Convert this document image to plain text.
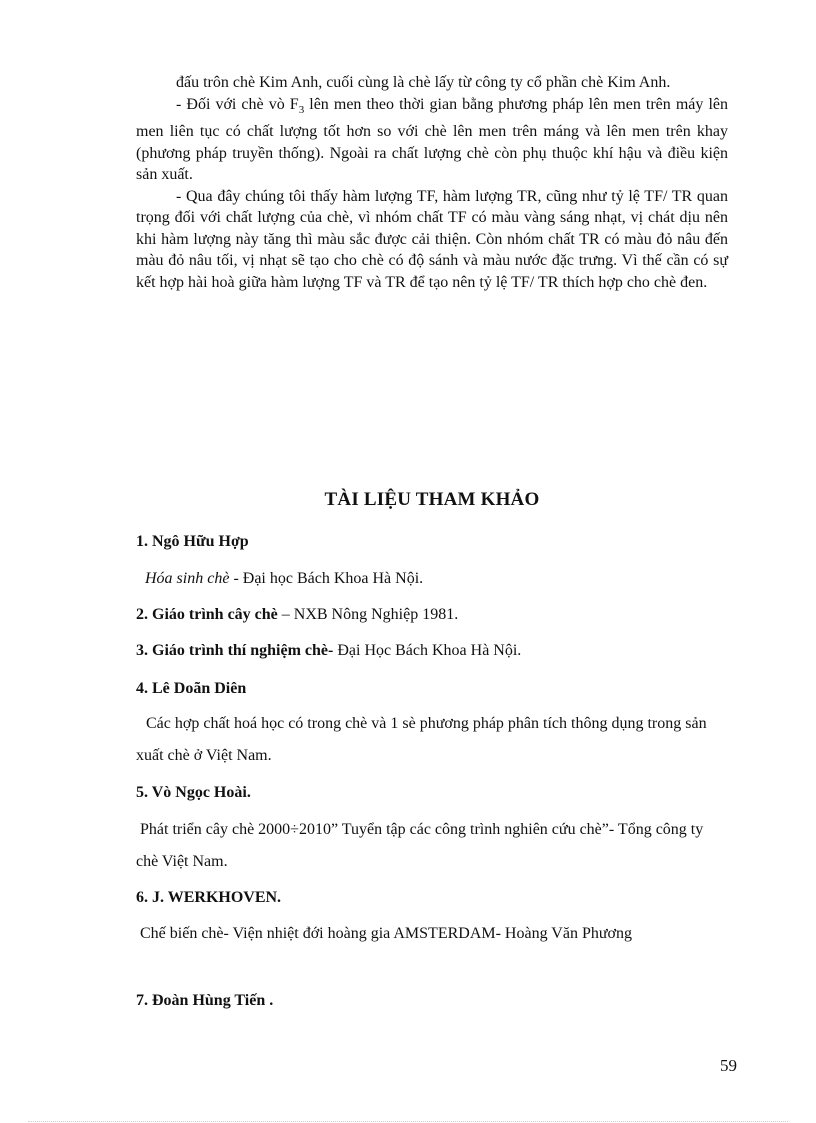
đấu trôn chè Kim Anh, cuối cùng là chè lấy từ công ty cổ phần chè Kim Anh.

- Đối với chè vò $F_3$ lên men theo thời gian bằng phương pháp lên men trên máy lên men liên tục có chất lượng tốt hơn so với chè lên men trên máng và lên men trên khay (phương pháp truyền thống). Ngoài ra chất lượng chè còn phụ thuộc khí hậu và điều kiện sản xuất.

- Qua đây chúng tôi thấy hàm lượng TF, hàm lượng TR, cũng như tỷ lệ TF/ TR quan trọng đối với chất lượng của chè, vì nhóm chất TF có màu vàng sáng nhạt, vị chát dịu nên khi hàm lượng này tăng thì màu sắc được cải thiện. Còn nhóm chất TR có màu đỏ nâu đến màu đỏ nâu tối, vị nhạt sẽ tạo cho chè có độ sánh và màu nước đặc trưng. Vì thế cần có sự kết hợp hài hoà giữa hàm lượng TF và TR để tạo nên tỷ lệ TF/ TR thích hợp cho chè đen.

TÀI LIỆU THAM KHẢO
1. Ngô Hữu Hợp
Hóa sinh chè - Đại học Bách Khoa Hà Nội.
2. Giáo trình cây chè – NXB Nông Nghiệp 1981.
3. Giáo trình thí nghiệm chè- Đại Học Bách Khoa Hà Nội.
4. Lê Doãn Diên
Các hợp chất hoá học có trong chè và 1 sè phương pháp phân tích thông dụng trong sản xuất chè ở Việt Nam.
5. Vò Ngọc Hoài.
Phát triển cây chè 2000÷2010” Tuyển tập các công trình nghiên cứu chè”- Tổng công ty chè Việt Nam.
6. J. WERKHOVEN.
Chế biến chè- Viện nhiệt đới hoàng gia AMSTERDAM- Hoàng Văn Phương
7. Đoàn Hùng Tiến .
59
